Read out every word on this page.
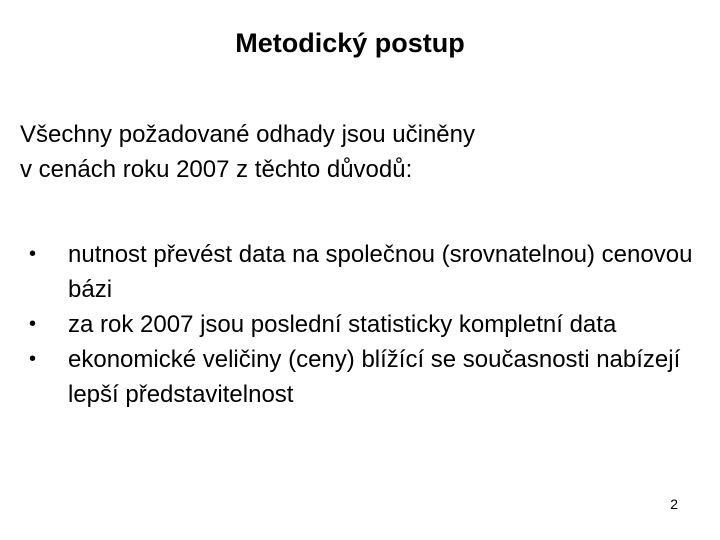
Metodický postup
Všechny požadované odhady jsou učiněny
v cenách roku 2007 z těchto důvodů:
• nutnost převést data na společnou (srovnatelnou) cenovou bázi
• za rok 2007 jsou poslední statisticky kompletní data
• ekonomické veličiny (ceny) blížící se současnosti nabízejí lepší představitelnost
2
